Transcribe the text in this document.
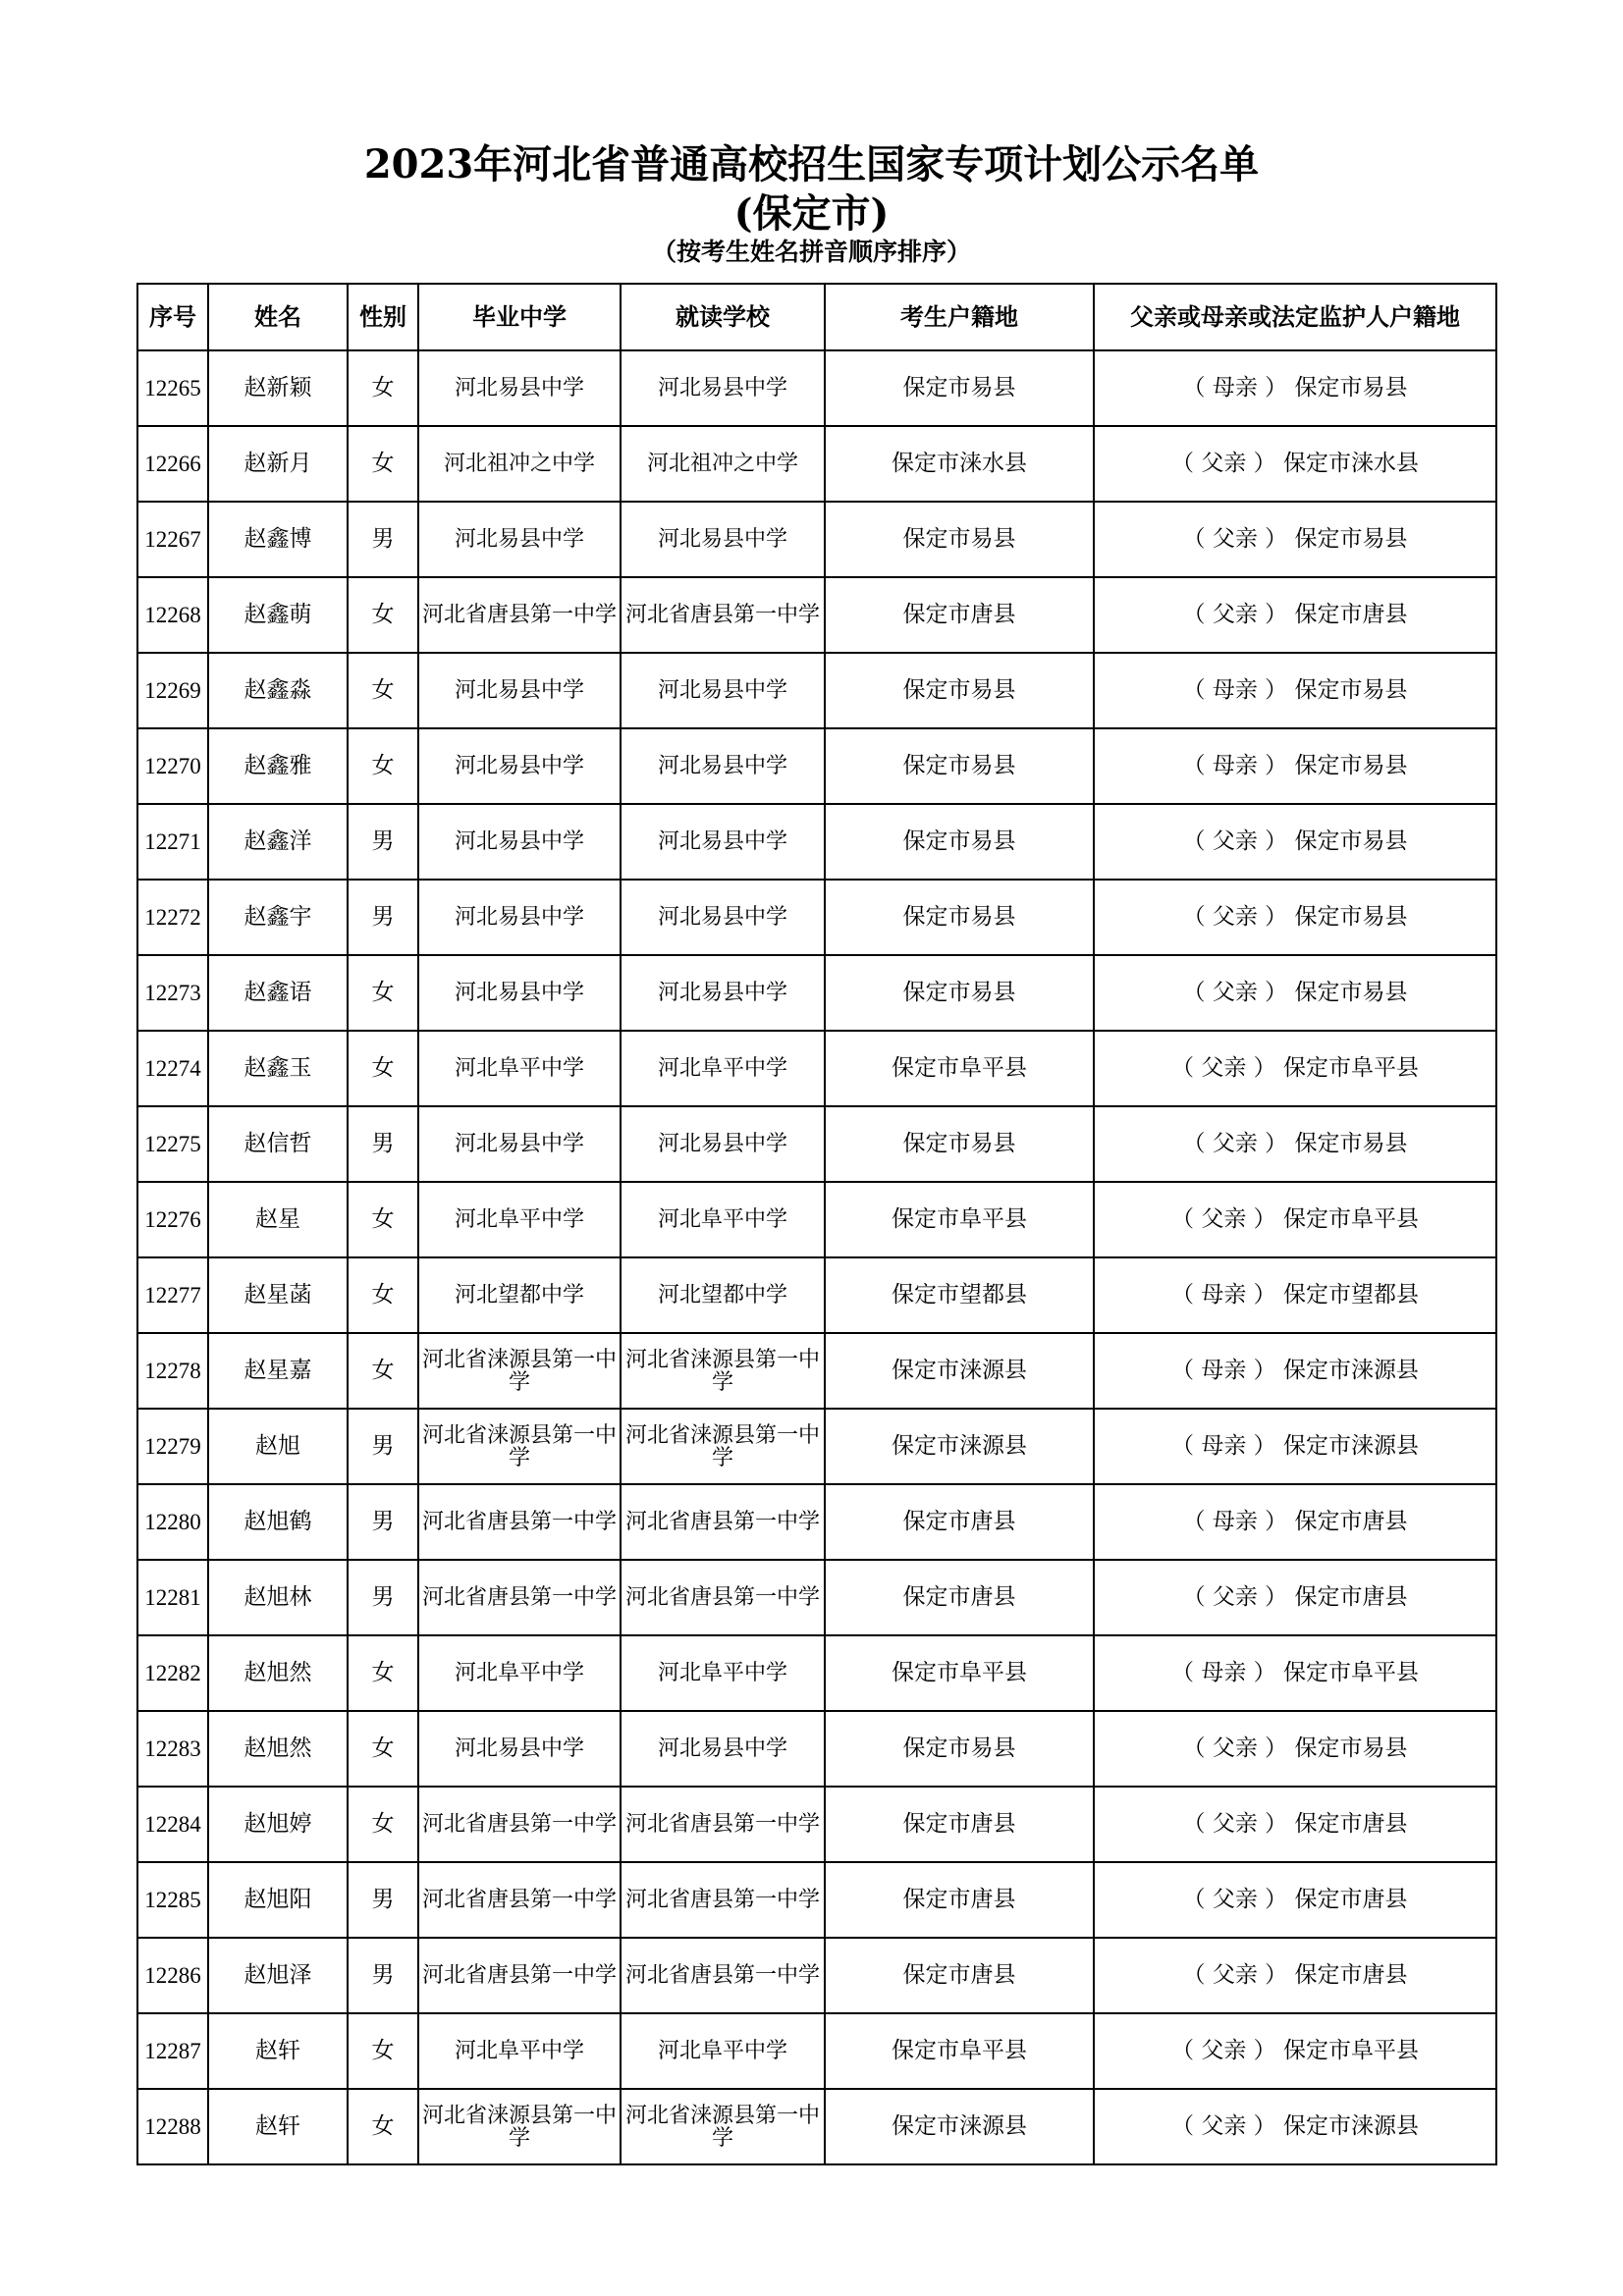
2023年河北省普通高校招生国家专项计划公示名单
(保定市)
（按考生姓名拼音顺序排序）
序号	姓名	性别	毕业中学	就读学校	考生户籍地	父亲或母亲或法定监护人户籍地
12265	赵新颖	女	河北易县中学	河北易县中学	保定市易县	（ 母亲 ） 保定市易县
12266	赵新月	女	河北祖冲之中学	河北祖冲之中学	保定市涞水县	（ 父亲 ） 保定市涞水县
12267	赵鑫博	男	河北易县中学	河北易县中学	保定市易县	（ 父亲 ） 保定市易县
12268	赵鑫萌	女	河北省唐县第一中学	河北省唐县第一中学	保定市唐县	（ 父亲 ） 保定市唐县
12269	赵鑫淼	女	河北易县中学	河北易县中学	保定市易县	（ 母亲 ） 保定市易县
12270	赵鑫雅	女	河北易县中学	河北易县中学	保定市易县	（ 母亲 ） 保定市易县
12271	赵鑫洋	男	河北易县中学	河北易县中学	保定市易县	（ 父亲 ） 保定市易县
12272	赵鑫宇	男	河北易县中学	河北易县中学	保定市易县	（ 父亲 ） 保定市易县
12273	赵鑫语	女	河北易县中学	河北易县中学	保定市易县	（ 父亲 ） 保定市易县
12274	赵鑫玉	女	河北阜平中学	河北阜平中学	保定市阜平县	（ 父亲 ） 保定市阜平县
12275	赵信哲	男	河北易县中学	河北易县中学	保定市易县	（ 父亲 ） 保定市易县
12276	赵星	女	河北阜平中学	河北阜平中学	保定市阜平县	（ 父亲 ） 保定市阜平县
12277	赵星菡	女	河北望都中学	河北望都中学	保定市望都县	（ 母亲 ） 保定市望都县
12278	赵星嘉	女	河北省涞源县第一中学	河北省涞源县第一中学	保定市涞源县	（ 母亲 ） 保定市涞源县
12279	赵旭	男	河北省涞源县第一中学	河北省涞源县第一中学	保定市涞源县	（ 母亲 ） 保定市涞源县
12280	赵旭鹤	男	河北省唐县第一中学	河北省唐县第一中学	保定市唐县	（ 母亲 ） 保定市唐县
12281	赵旭林	男	河北省唐县第一中学	河北省唐县第一中学	保定市唐县	（ 父亲 ） 保定市唐县
12282	赵旭然	女	河北阜平中学	河北阜平中学	保定市阜平县	（ 母亲 ） 保定市阜平县
12283	赵旭然	女	河北易县中学	河北易县中学	保定市易县	（ 父亲 ） 保定市易县
12284	赵旭婷	女	河北省唐县第一中学	河北省唐县第一中学	保定市唐县	（ 父亲 ） 保定市唐县
12285	赵旭阳	男	河北省唐县第一中学	河北省唐县第一中学	保定市唐县	（ 父亲 ） 保定市唐县
12286	赵旭泽	男	河北省唐县第一中学	河北省唐县第一中学	保定市唐县	（ 父亲 ） 保定市唐县
12287	赵轩	女	河北阜平中学	河北阜平中学	保定市阜平县	（ 父亲 ） 保定市阜平县
12288	赵轩	女	河北省涞源县第一中学	河北省涞源县第一中学	保定市涞源县	（ 父亲 ） 保定市涞源县
